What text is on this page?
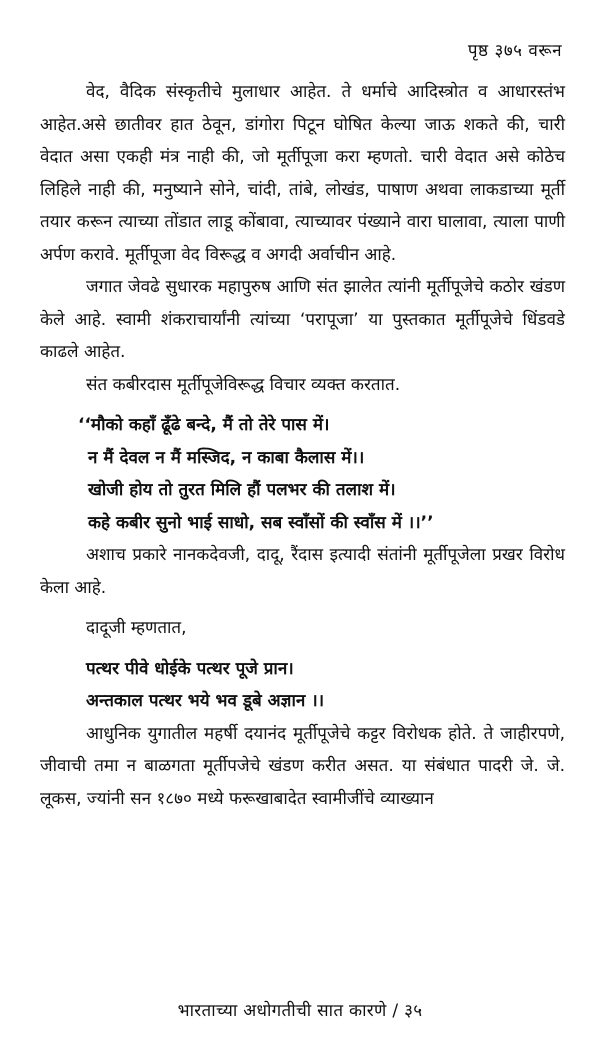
पृष्ठ ३७५ वरून

वेद, वैदिक संस्कृतीचे मुलाधार आहेत. ते धर्माचे आदिस्त्रोत व आधारस्तंभ आहेत.असे छातीवर हात ठेवून, डांगोरा पिटून घोषित केल्या जाऊ शकते की, चारी वेदात असा एकही मंत्र नाही की, जो मूर्तीपूजा करा म्हणतो. चारी वेदात असे कोठेच लिहिले नाही की, मनुष्याने सोने, चांदी, तांबे, लोखंड, पाषाण अथवा लाकडाच्या मूर्ती तयार करून त्याच्या तोंडात लाडू कोंबावा, त्याच्यावर पंख्याने वारा घालावा, त्याला पाणी अर्पण करावे. मूर्तीपूजा वेद विरूद्ध व अगदी अर्वाचीन आहे.

जगात जेवढे सुधारक महापुरुष आणि संत झालेत त्यांनी मूर्तीपूजेचे कठोर खंडण केले आहे. स्वामी शंकराचार्यांनी त्यांच्या ‘परापूजा’ या पुस्तकात मूर्तीपूजेचे धिंडवडे काढले आहेत.

संत कबीरदास मूर्तीपूजेविरूद्ध विचार व्यक्त करतात.
‘‘मौको कहाँ ढूँढे बन्दे, मैं तो तेरे पास में।
न मैं देवल न मैं मस्जिद, न काबा कैलास में।।
खोजी होय तो तुरत मिलि हौं पलभर की तलाश में।
कहे कबीर सुनो भाई साधो, सब स्वाँसों की स्वाँस में ।।’’

अशाच प्रकारे नानकदेवजी, दादू, रैंदास इत्यादी संतांनी मूर्तीपूजेला प्रखर विरोध केला आहे.

दादूजी म्हणतात,
पत्थर पीवे धोईके पत्थर पूजे प्रान।
अन्तकाल पत्थर भये भव डूबे अज्ञान ।।

आधुनिक युगातील महर्षी दयानंद मूर्तीपूजेचे कट्टर विरोधक होते. ते जाहीरपणे, जीवाची तमा न बाळगता मूर्तीपजेचे खंडण करीत असत. या संबंधात पादरी जे. जे. लूकस, ज्यांनी सन १८७० मध्ये फरूखाबादेत स्वामीजींचे व्याख्यान

भारताच्या अधोगतीची सात कारणे / ३५
